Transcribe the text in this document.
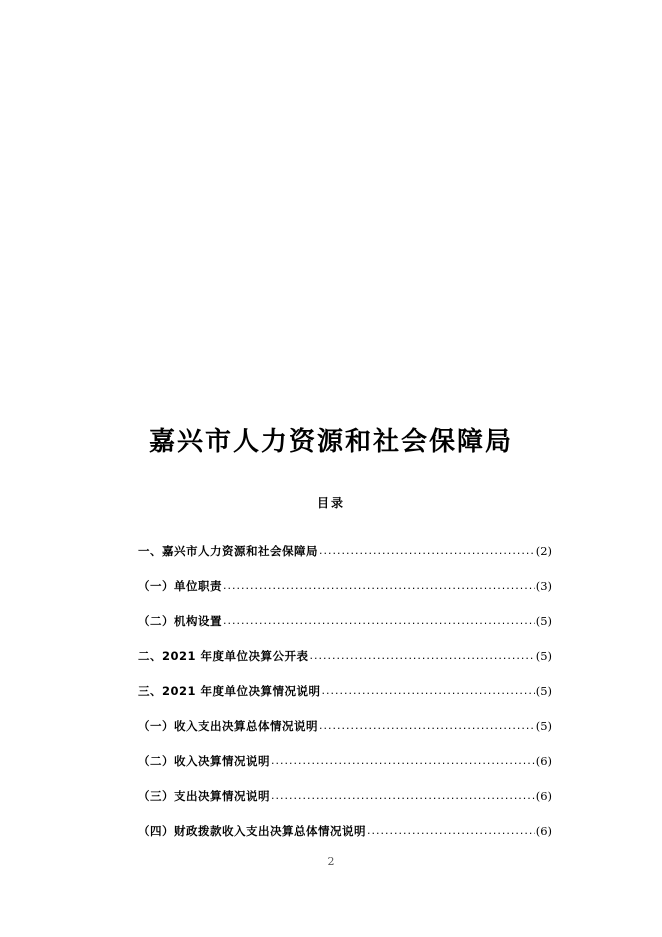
嘉兴市人力资源和社会保障局
目录
一、嘉兴市人力资源和社会保障局 .....	(2)
（一）单位职责 .....	(3)
（二）机构设置 .....	(5)
二、2021 年度单位决算公开表 .....	(5)
三、2021 年度单位决算情况说明 .....	(5)
（一）收入支出决算总体情况说明 .....	(5)
（二）收入决算情况说明 .....	(6)
（三）支出决算情况说明 .....	(6)
（四）财政拨款收入支出决算总体情况说明 .....	(6)
2
